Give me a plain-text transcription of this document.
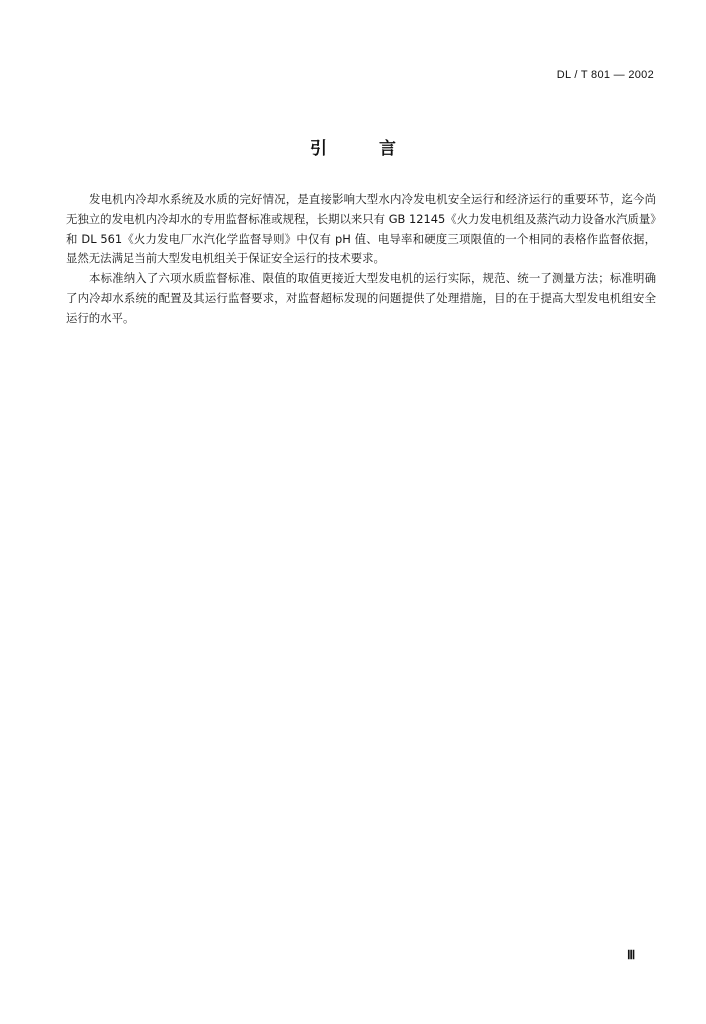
DL / T 801 — 2002
引言

发电机内冷却水系统及水质的完好情况，是直接影响大型水内冷发电机安全运行和经济运行的重要环节，迄今尚无独立的发电机内冷却水的专用监督标准或规程，长期以来只有 GB 12145《火力发电机组及蒸汽动力设备水汽质量》和 DL 561《火力发电厂水汽化学监督导则》中仅有 pH 值、电导率和硬度三项限值的一个相同的表格作监督依据，显然无法满足当前大型发电机组关于保证安全运行的技术要求。

本标准纳入了六项水质监督标准、限值的取值更接近大型发电机的运行实际，规范、统一了测量方法；标准明确了内冷却水系统的配置及其运行监督要求，对监督超标发现的问题提供了处理措施，目的在于提高大型发电机组安全运行的水平。

Ⅲ
